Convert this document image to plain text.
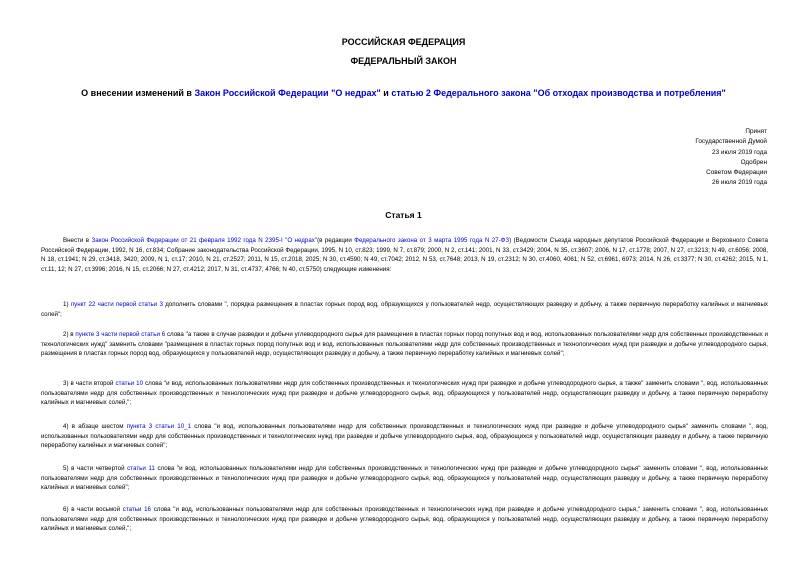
РОССИЙСКАЯ ФЕДЕРАЦИЯ
ФЕДЕРАЛЬНЫЙ ЗАКОН
О внесении изменений в Закон Российской Федерации "О недрах" и статью 2 Федерального закона "Об отходах производства и потребления"
Принят
Государственной Думой
23 июля 2019 года
Одобрен
Советом Федерации
26 июля 2019 года
Статья 1

Внести в Закон Российской Федерации от 21 февраля 1992 года N 2395-I "О недрах"(в редакции Федерального закона от 3 марта 1995 года N 27-ФЗ) (Ведомости Съезда народных депутатов Российской Федерации и Верховного Совета Российской Федерации, 1992, N 16, ст.834; Собрание законодательства Российской Федерации, 1995, N 10, ст.823; 1999, N 7, ст.879; 2000, N 2, ст.141; 2001, N 33, ст.3429; 2004, N 35, ст.3607; 2006, N 17, ст.1778; 2007, N 27, ст.3213; N 49, ст.6056; 2008, N 18, ст.1941; N 29, ст.3418, 3420; 2009, N 1, ст.17; 2010, N 21, ст.2527; 2011, N 15, ст.2018, 2025; N 30, ст.4590; N 49, ст.7042; 2012, N 53, ст.7648; 2013, N 19, ст.2312; N 30, ст.4060, 4061; N 52, ст.6961, 6973; 2014, N 26, ст.3377; N 30, ст.4262; 2015, N 1, ст.11, 12; N 27, ст.3996; 2016, N 15, ст.2066; N 27, ст.4212; 2017, N 31, ст.4737, 4766; N 40, ст.5750) следующие изменения:

1) пункт 22 части первой статьи 3 дополнить словами ", порядка размещения в пластах горных пород вод, образующихся у пользователей недр, осуществляющих разведку и добычу, а также первичную переработку калийных и магниевых солей";

2) в пункте 3 части первой статьи 6 слова "а также в случае разведки и добычи углеводородного сырья для размещения в пластах горных пород попутных вод и вод, использованных пользователями недр для собственных производственных и технологических нужд" заменить словами "размещения в пластах горных пород попутных вод и вод, использованных пользователями недр для собственных производственных и технологических нужд при разведке и добыче углеводородного сырья, размещения в пластах горных пород вод, образующихся у пользователей недр, осуществляющих разведку и добычу, а также первичную переработку калийных и магниевых солей";

3) в части второй статьи 10 слова "и вод, использованных пользователями недр для собственных производственных и технологических нужд при разведке и добыче углеводородного сырья, а также" заменить словами ", вод, использованных пользователями недр для собственных производственных и технологических нужд при разведке и добыче углеводородного сырья, вод, образующихся у пользователей недр, осуществляющих разведку и добычу, а также первичную переработку калийных и магниевых солей,";

4) в абзаце шестом пункта 3 статьи 10_1 слова "и вод, использованных пользователями недр для собственных производственных и технологических нужд при разведке и добыче углеводородного сырья" заменить словами ", вод, использованных пользователями недр для собственных производственных и технологических нужд при разведке и добыче углеводородного сырья, вод, образующихся у пользователей недр, осуществляющих разведку и добычу, а также первичную переработку калийных и магниевых солей";

5) в части четвертой статьи 11 слова "и вод, использованных пользователями недр для собственных производственных и технологических нужд при разведке и добыче углеводородного сырья" заменить словами ", вод, использованных пользователями недр для собственных производственных и технологических нужд при разведке и добыче углеводородного сырья, вод, образующихся у пользователей недр, осуществляющих разведку и добычу, а также первичную переработку калийных и магниевых солей";

6) в части восьмой статьи 16 слова "и вод, использованных пользователями недр для собственных производственных и технологических нужд при разведке и добыче углеводородного сырья," заменить словами ", вод, использованных пользователями недр для собственных производственных и технологических нужд при разведке и добыче углеводородного сырья, вод, образующихся у пользователей недр, осуществляющих разведку и добычу, а также первичную переработку калийных и магниевых солей,";
